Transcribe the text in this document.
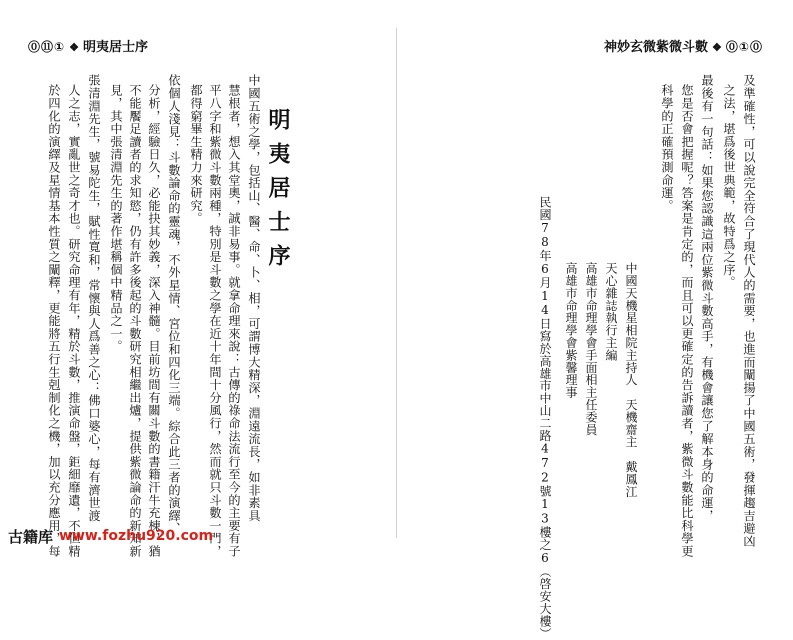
⓪⑪① ❖ 明夷居士序
明夷居士序
中國五術之學，包括山、醫、命、卜、相，可謂博大精深，淵遠流長，如非素具
慧根者，想入其堂奧，誠非易事。就拿命理來說：古傳的祿命法流行至今的主要有子
平八字和紫微斗數兩種，特別是斗數之學在近十年間十分風行，然而就只斗數一門，
都得窮畢生精力來研究。
依個人淺見：斗數論命的靈魂，不外星情、宮位和四化三端。綜合此三者的演繹、
分析，經驗日久，必能抉其妙義，深入神髓。目前坊間有關斗數的書籍汗牛充棟，猶
不能饜足讀者的求知慾，仍有許多後起的斗數研究相繼出爐，提供紫微論命的新知新
見，其中張清淵先生的著作堪稱個中精品之一。
張清淵先生，號易陀生，賦性寬和，常懷與人爲善之心：佛口婆心，每有濟世渡
人之志，實亂世之奇才也。研究命理有年，精於斗數，推演命盤，鉅細靡遺，不但精
於四化的演繹及星情基本性質之闡釋，更能將五行生剋制化之機，加以充分應用，每
神妙玄微紫微斗數 ❖ ⓪①⓪
及準確性，可以說完全符合了現代人的需要，也進而闡揚了中國五術，發揮趨吉避凶
之法，堪爲後世典範，故特爲之序。
最後有一句話：如果您認識這兩位紫微斗數高手，有機會讓您了解本身的命運，
您是否會把握呢？答案是肯定的，而且可以更確定的告訴讀者，紫微斗數能比科學更
科學的正確預測命運。
中國天機星相院主持人　天機齋主　戴鳳江
天心雜誌執行主編
高雄市命理學會手面相主任委員
高雄市命理學會紫馨理事
民國78年6月14日寫於高雄市中山二路472號13樓之6（啓安大樓）
古籍库 www.fozhu920.com
